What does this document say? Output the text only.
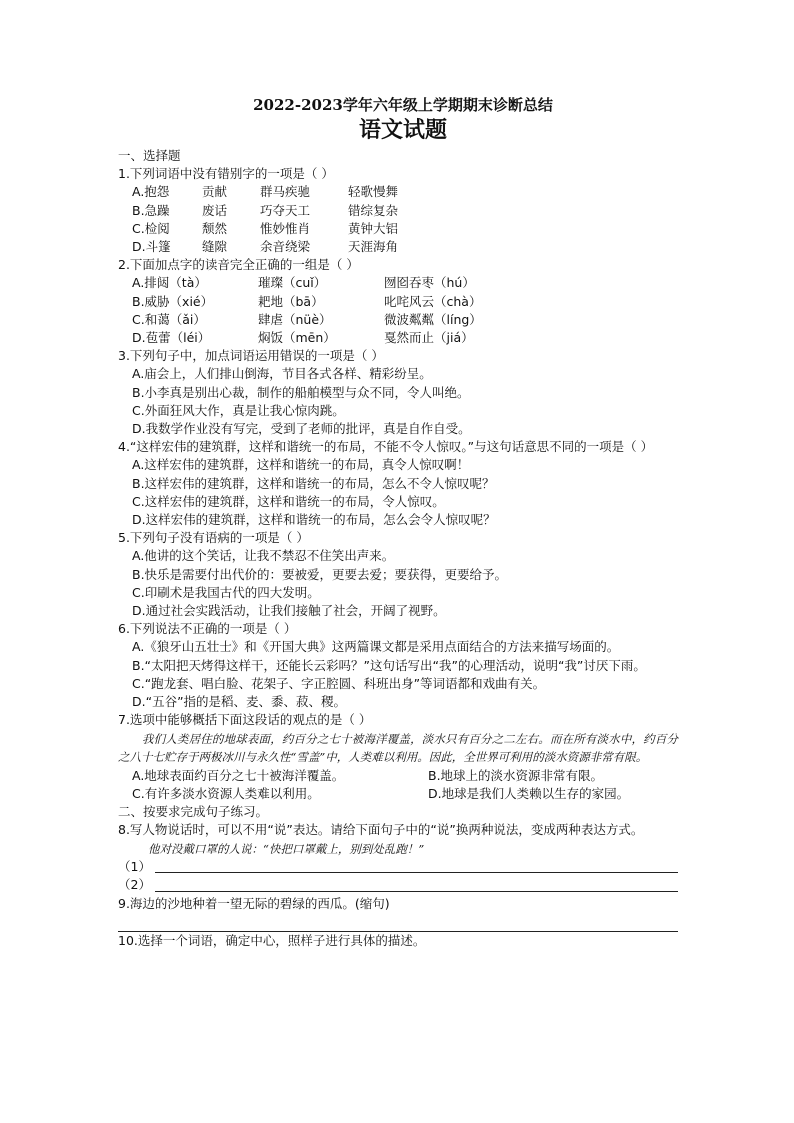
2022-2023学年六年级上学期期末诊断总结
语文试题
一、选择题
1.下列词语中没有错别字的一项是（ ）
A.抱怨	贡献	群马疾驰	轻歌慢舞
B.急躁	废话	巧夺天工	错综复杂
C.检阅	颓然	惟妙惟肖	黄钟大铝
D.斗篷	缝隙	余音绕梁	天涯海角
2.下面加点字的读音完全正确的一组是（ ）
A.排闼（tà）	璀璨（cuǐ）	囫囵吞枣（hú）
B.威胁（xié）	耙地（bā）	叱咤风云（chà）
C.和蔼（ǎi）	肆虐（nüè）	微波粼粼（líng）
D.苞蕾（léi）	焖饭（mēn）	戛然而止（jiá）
3.下列句子中，加点词语运用错误的一项是（ ）
A.庙会上，人们排山倒海，节目各式各样、精彩纷呈。
B.小李真是别出心裁，制作的船舶模型与众不同，令人叫绝。
C.外面狂风大作，真是让我心惊肉跳。
D.我数学作业没有写完，受到了老师的批评，真是自作自受。
4.“这样宏伟的建筑群，这样和谐统一的布局，不能不令人惊叹。”与这句话意思不同的一项是（ ）
A.这样宏伟的建筑群，这样和谐统一的布局，真令人惊叹啊！
B.这样宏伟的建筑群，这样和谐统一的布局，怎么不令人惊叹呢？
C.这样宏伟的建筑群，这样和谐统一的布局，令人惊叹。
D.这样宏伟的建筑群，这样和谐统一的布局，怎么会令人惊叹呢？
5.下列句子没有语病的一项是（ ）
A.他讲的这个笑话，让我不禁忍不住笑出声来。
B.快乐是需要付出代价的：要被爱，更要去爱；要获得，更要给予。
C.印刷术是我国古代的四大发明。
D.通过社会实践活动，让我们接触了社会，开阔了视野。
6.下列说法不正确的一项是（ ）
A.《狼牙山五壮士》和《开国大典》这两篇课文都是采用点面结合的方法来描写场面的。
B.“太阳把天烤得这样干，还能长云彩吗？”这句话写出“我”的心理活动，说明“我”讨厌下雨。
C.“跑龙套、唱白脸、花架子、字正腔圆、科班出身”等词语都和戏曲有关。
D.“五谷”指的是稻、麦、黍、菽、稷。
7.选项中能够概括下面这段话的观点的是（ ）
我们人类居住的地球表面，约百分之七十被海洋覆盖，淡水只有百分之二左右。而在所有淡水中，约百分之八十七贮存于两极冰川与永久性“雪盖”中，人类难以利用。因此，全世界可利用的淡水资源非常有限。
A.地球表面约百分之七十被海洋覆盖。	B.地球上的淡水资源非常有限。
C.有许多淡水资源人类难以利用。	D.地球是我们人类赖以生存的家园。
二、按要求完成句子练习。
8.写人物说话时，可以不用“说”表达。请给下面句子中的“说”换两种说法，变成两种表达方式。
他对没戴口罩的人说：“快把口罩戴上，别到处乱跑！”
（1）
（2）
9.海边的沙地种着一望无际的碧绿的西瓜。(缩句)
10.选择一个词语，确定中心，照样子进行具体的描述。
